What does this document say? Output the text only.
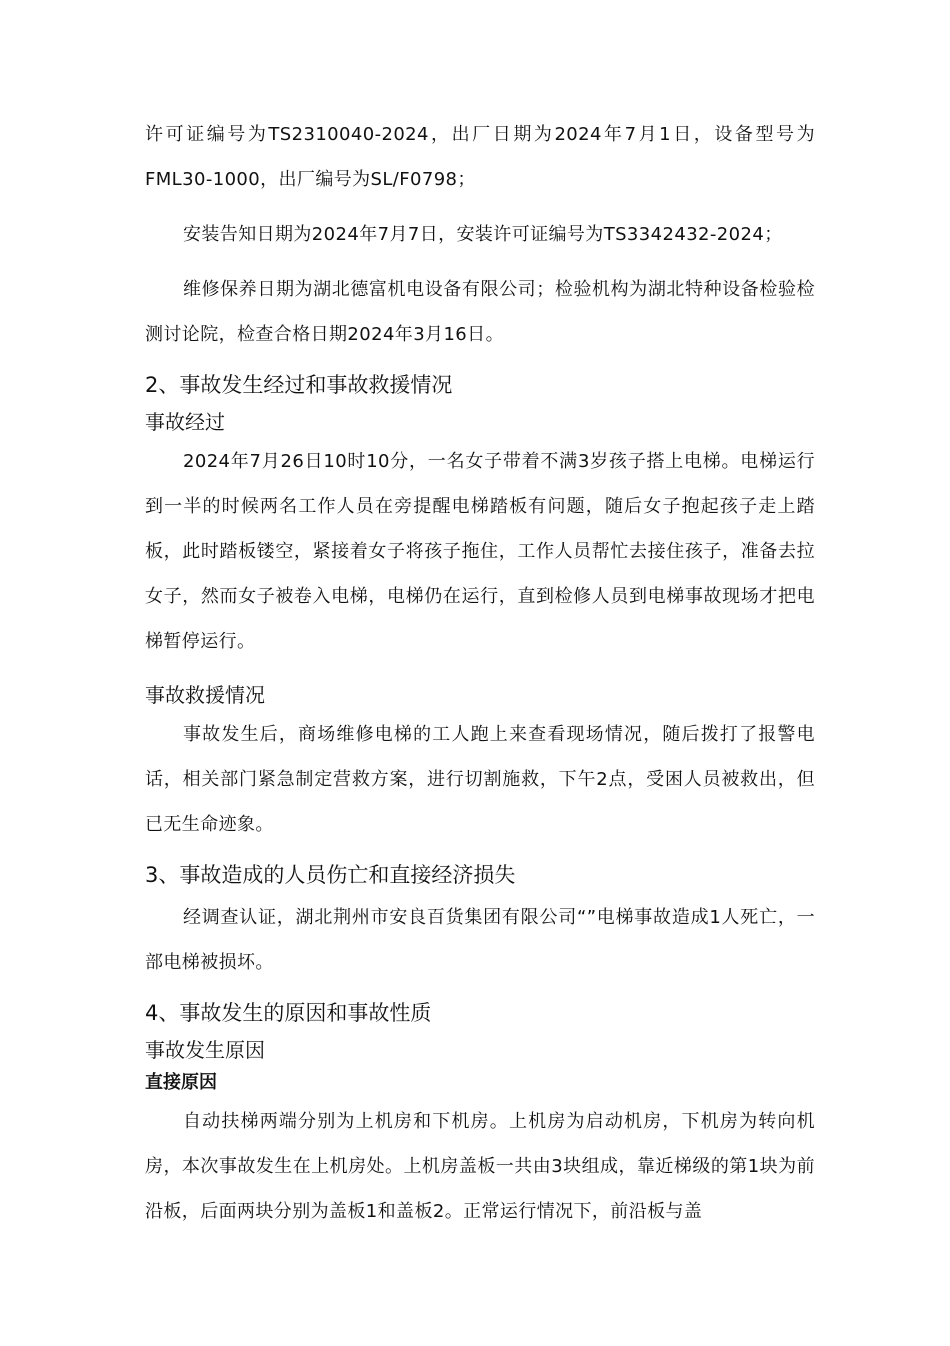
许可证编号为TS2310040-2024，出厂日期为2024年7月1日，设备型号为FML30-1000，出厂编号为SL/F0798；

安装告知日期为2024年7月7日，安装许可证编号为TS3342432-2024；

维修保养日期为湖北德富机电设备有限公司；检验机构为湖北特种设备检验检测讨论院，检查合格日期2024年3月16日。

2、事故发生经过和事故救援情况
事故经过

2024年7月26日10时10分，一名女子带着不满3岁孩子搭上电梯。电梯运行到一半的时候两名工作人员在旁提醒电梯踏板有问题，随后女子抱起孩子走上踏板，此时踏板镂空，紧接着女子将孩子拖住，工作人员帮忙去接住孩子，准备去拉女子，然而女子被卷入电梯，电梯仍在运行，直到检修人员到电梯事故现场才把电梯暂停运行。

事故救援情况

事故发生后，商场维修电梯的工人跑上来查看现场情况，随后拨打了报警电话，相关部门紧急制定营救方案，进行切割施救，下午2点，受困人员被救出，但已无生命迹象。

3、事故造成的人员伤亡和直接经济损失

经调查认证，湖北荆州市安良百货集团有限公司“”电梯事故造成1人死亡，一部电梯被损坏。

4、事故发生的原因和事故性质
事故发生原因
直接原因

自动扶梯两端分别为上机房和下机房。上机房为启动机房，下机房为转向机房，本次事故发生在上机房处。上机房盖板一共由3块组成，靠近梯级的第1块为前沿板，后面两块分别为盖板1和盖板2。正常运行情况下，前沿板与盖
